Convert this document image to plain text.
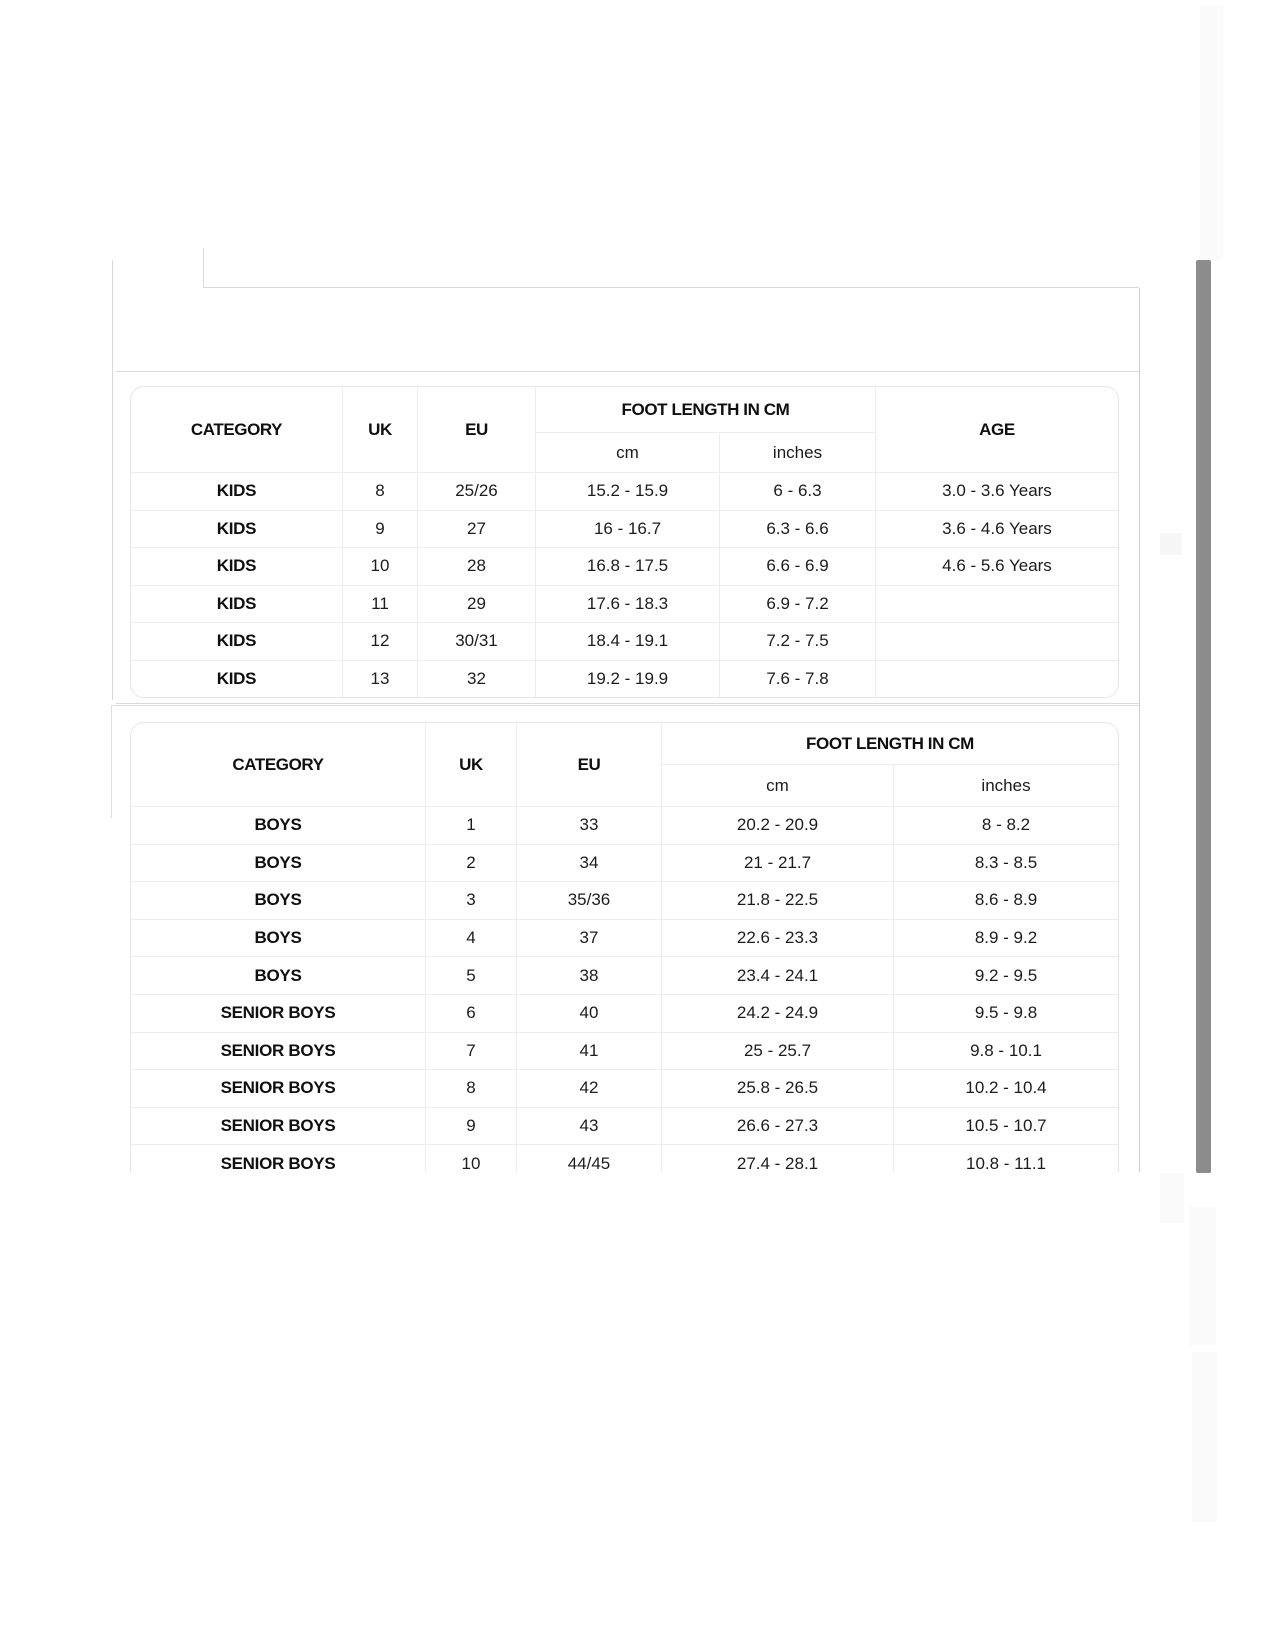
CATEGORY	UK	EU
FOOT LENGTH IN CM
cm	inches
AGE
KIDS	8	25/26	15.2 - 15.9	6 - 6.3	3.0 - 3.6 Years
KIDS	9	27	16 - 16.7	6.3 - 6.6	3.6 - 4.6 Years
KIDS	10	28	16.8 - 17.5	6.6 - 6.9	4.6 - 5.6 Years
KIDS	11	29	17.6 - 18.3	6.9 - 7.2
KIDS	12	30/31	18.4 - 19.1	7.2 - 7.5
KIDS	13	32	19.2 - 19.9	7.6 - 7.8
CATEGORY	UK	EU
FOOT LENGTH IN CM
cm	inches
BOYS	1	33	20.2 - 20.9	8 - 8.2
BOYS	2	34	21 - 21.7	8.3 - 8.5
BOYS	3	35/36	21.8 - 22.5	8.6 - 8.9
BOYS	4	37	22.6 - 23.3	8.9 - 9.2
BOYS	5	38	23.4 - 24.1	9.2 - 9.5
SENIOR BOYS	6	40	24.2 - 24.9	9.5 - 9.8
SENIOR BOYS	7	41	25 - 25.7	9.8 - 10.1
SENIOR BOYS	8	42	25.8 - 26.5	10.2 - 10.4
SENIOR BOYS	9	43	26.6 - 27.3	10.5 - 10.7
SENIOR BOYS	10	44/45	27.4 - 28.1	10.8 - 11.1
